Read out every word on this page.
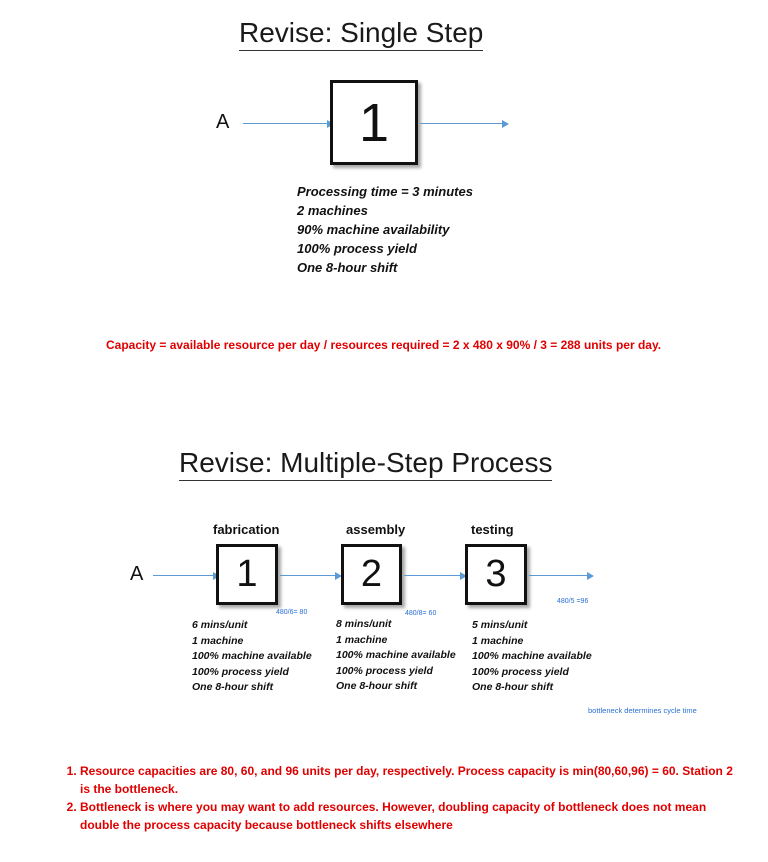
Revise: Single Step
A 1
Processing time = 3 minutes
2 machines
90% machine availability
100% process yield
One 8-hour shift
Capacity = available resource per day / resources required = 2 x 480 x 90% / 3 = 288 units per day.
Revise: Multiple-Step Process
fabrication	assembly	testing
A 1	2	3
480/6= 80	480/8= 60
480/5 =96
6 mins/unit
1 machine
100% machine available
100% process yield
One 8-hour shift
8 mins/unit
1 machine
100% machine available
100% process yield
One 8-hour shift
5 mins/unit
1 machine
100% machine available
100% process yield
One 8-hour shift
bottleneck determines cycle time
1. Resource capacities are 80, 60, and 96 units per day, respectively. Process capacity is min(80,60,96) = 60. Station 2 is the bottleneck.
2. Bottleneck is where you may want to add resources. However, doubling capacity of bottleneck does not mean double the process capacity because bottleneck shifts elsewhere
